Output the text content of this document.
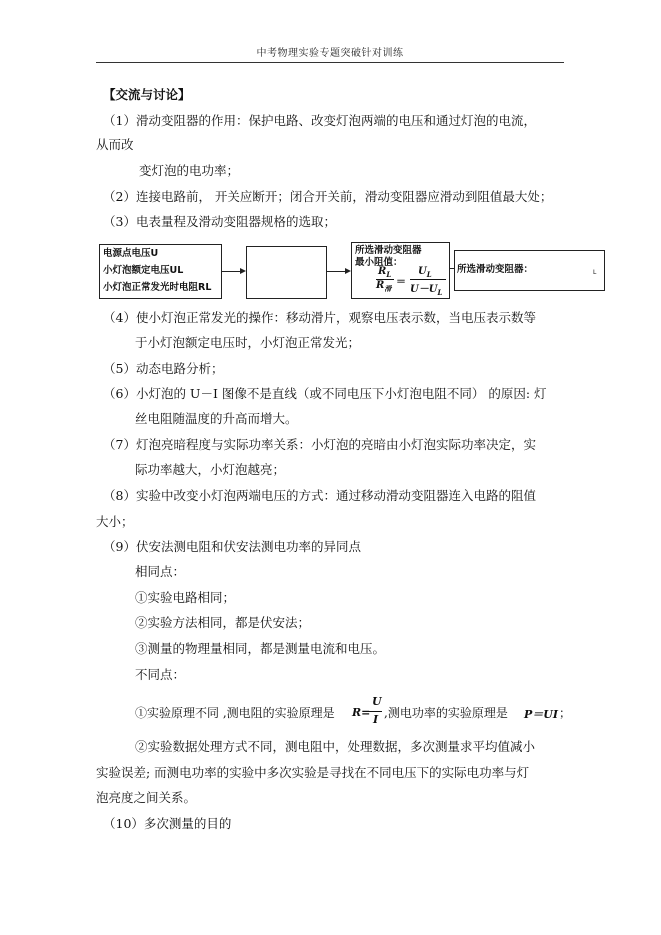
中考物理实验专题突破针对训练
【交流与讨论】
（1）滑动变阻器的作用：保护电路、改变灯泡两端的电压和通过灯泡的电流，
从而改
变灯泡的电功率；
（2）连接电路前， 开关应断开；闭合开关前，滑动变阻器应滑动到阻值最大处；
（3）电表量程及滑动变阻器规格的选取；
电源点电压U
小灯泡额定电压UL
小灯泡正常发光时电阻RL
所选滑动变阻器
最小阻值：
$R_L$
$R_滑$
＝
$U_L$
$U-U_L$
所选滑动变阻器：	L
（4）使小灯泡正常发光的操作：移动滑片，观察电压表示数，当电压表示数等
于小灯泡额定电压时，小灯泡正常发光；
（5）动态电路分析；
（6）小灯泡的 U－I 图像不是直线（或不同电压下小灯泡电阻不同） 的原因: 灯
丝电阻随温度的升高而增大。
（7）灯泡亮暗程度与实际功率关系：小灯泡的亮暗由小灯泡实际功率决定，实
际功率越大，小灯泡越亮；
（8）实验中改变小灯泡两端电压的方式：通过移动滑动变阻器连入电路的阻值
大小；
（9）伏安法测电阻和伏安法测电功率的异同点
相同点：
①实验电路相同；
②实验方法相同，都是伏安法；
③测量的物理量相同，都是测量电流和电压。
不同点：
①实验原理不同 ,测电阻的实验原理是 R=
U
I ,测电功率的实验原理是 P＝UI ；
②实验数据处理方式不同，测电阻中，处理数据，多次测量求平均值减小
实验误差; 而测电功率的实验中多次实验是寻找在不同电压下的实际电功率与灯
泡亮度之间关系。
（10）多次测量的目的
